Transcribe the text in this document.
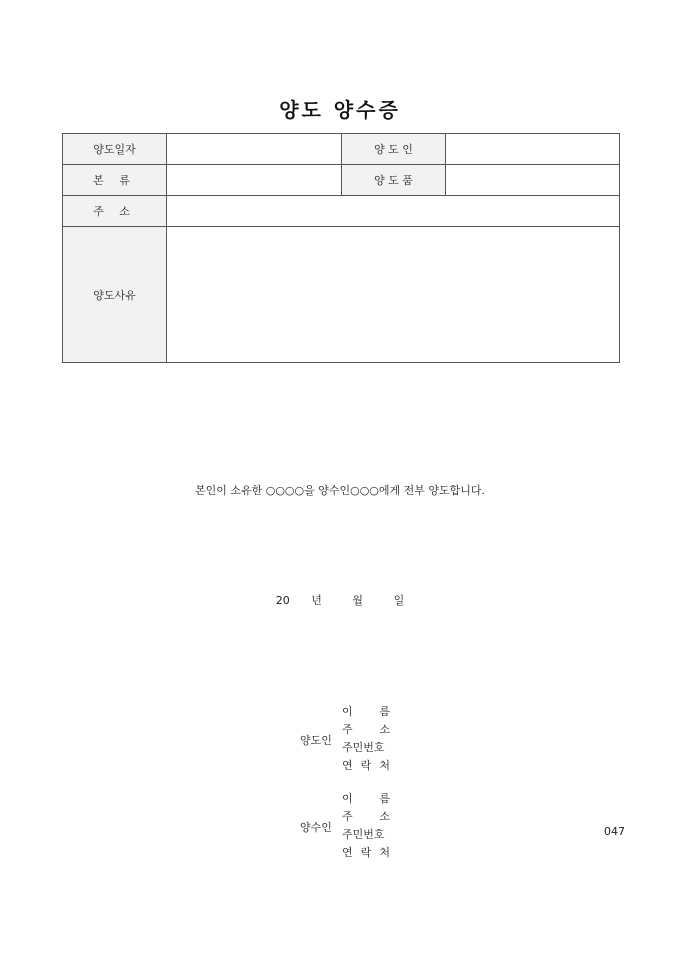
양도 양수증
양도일자		양 도 인	
본 류		양 도 품	
주 소			
양도사유			
본인이 소유한 ○○○○을 양수인○○○에게 전부 양도합니다.
20 년	월	일
양도인
이 름
주 소
주민번호
연 락 처
양수인
이 름
주 소
주민번호
연 락 처
047
